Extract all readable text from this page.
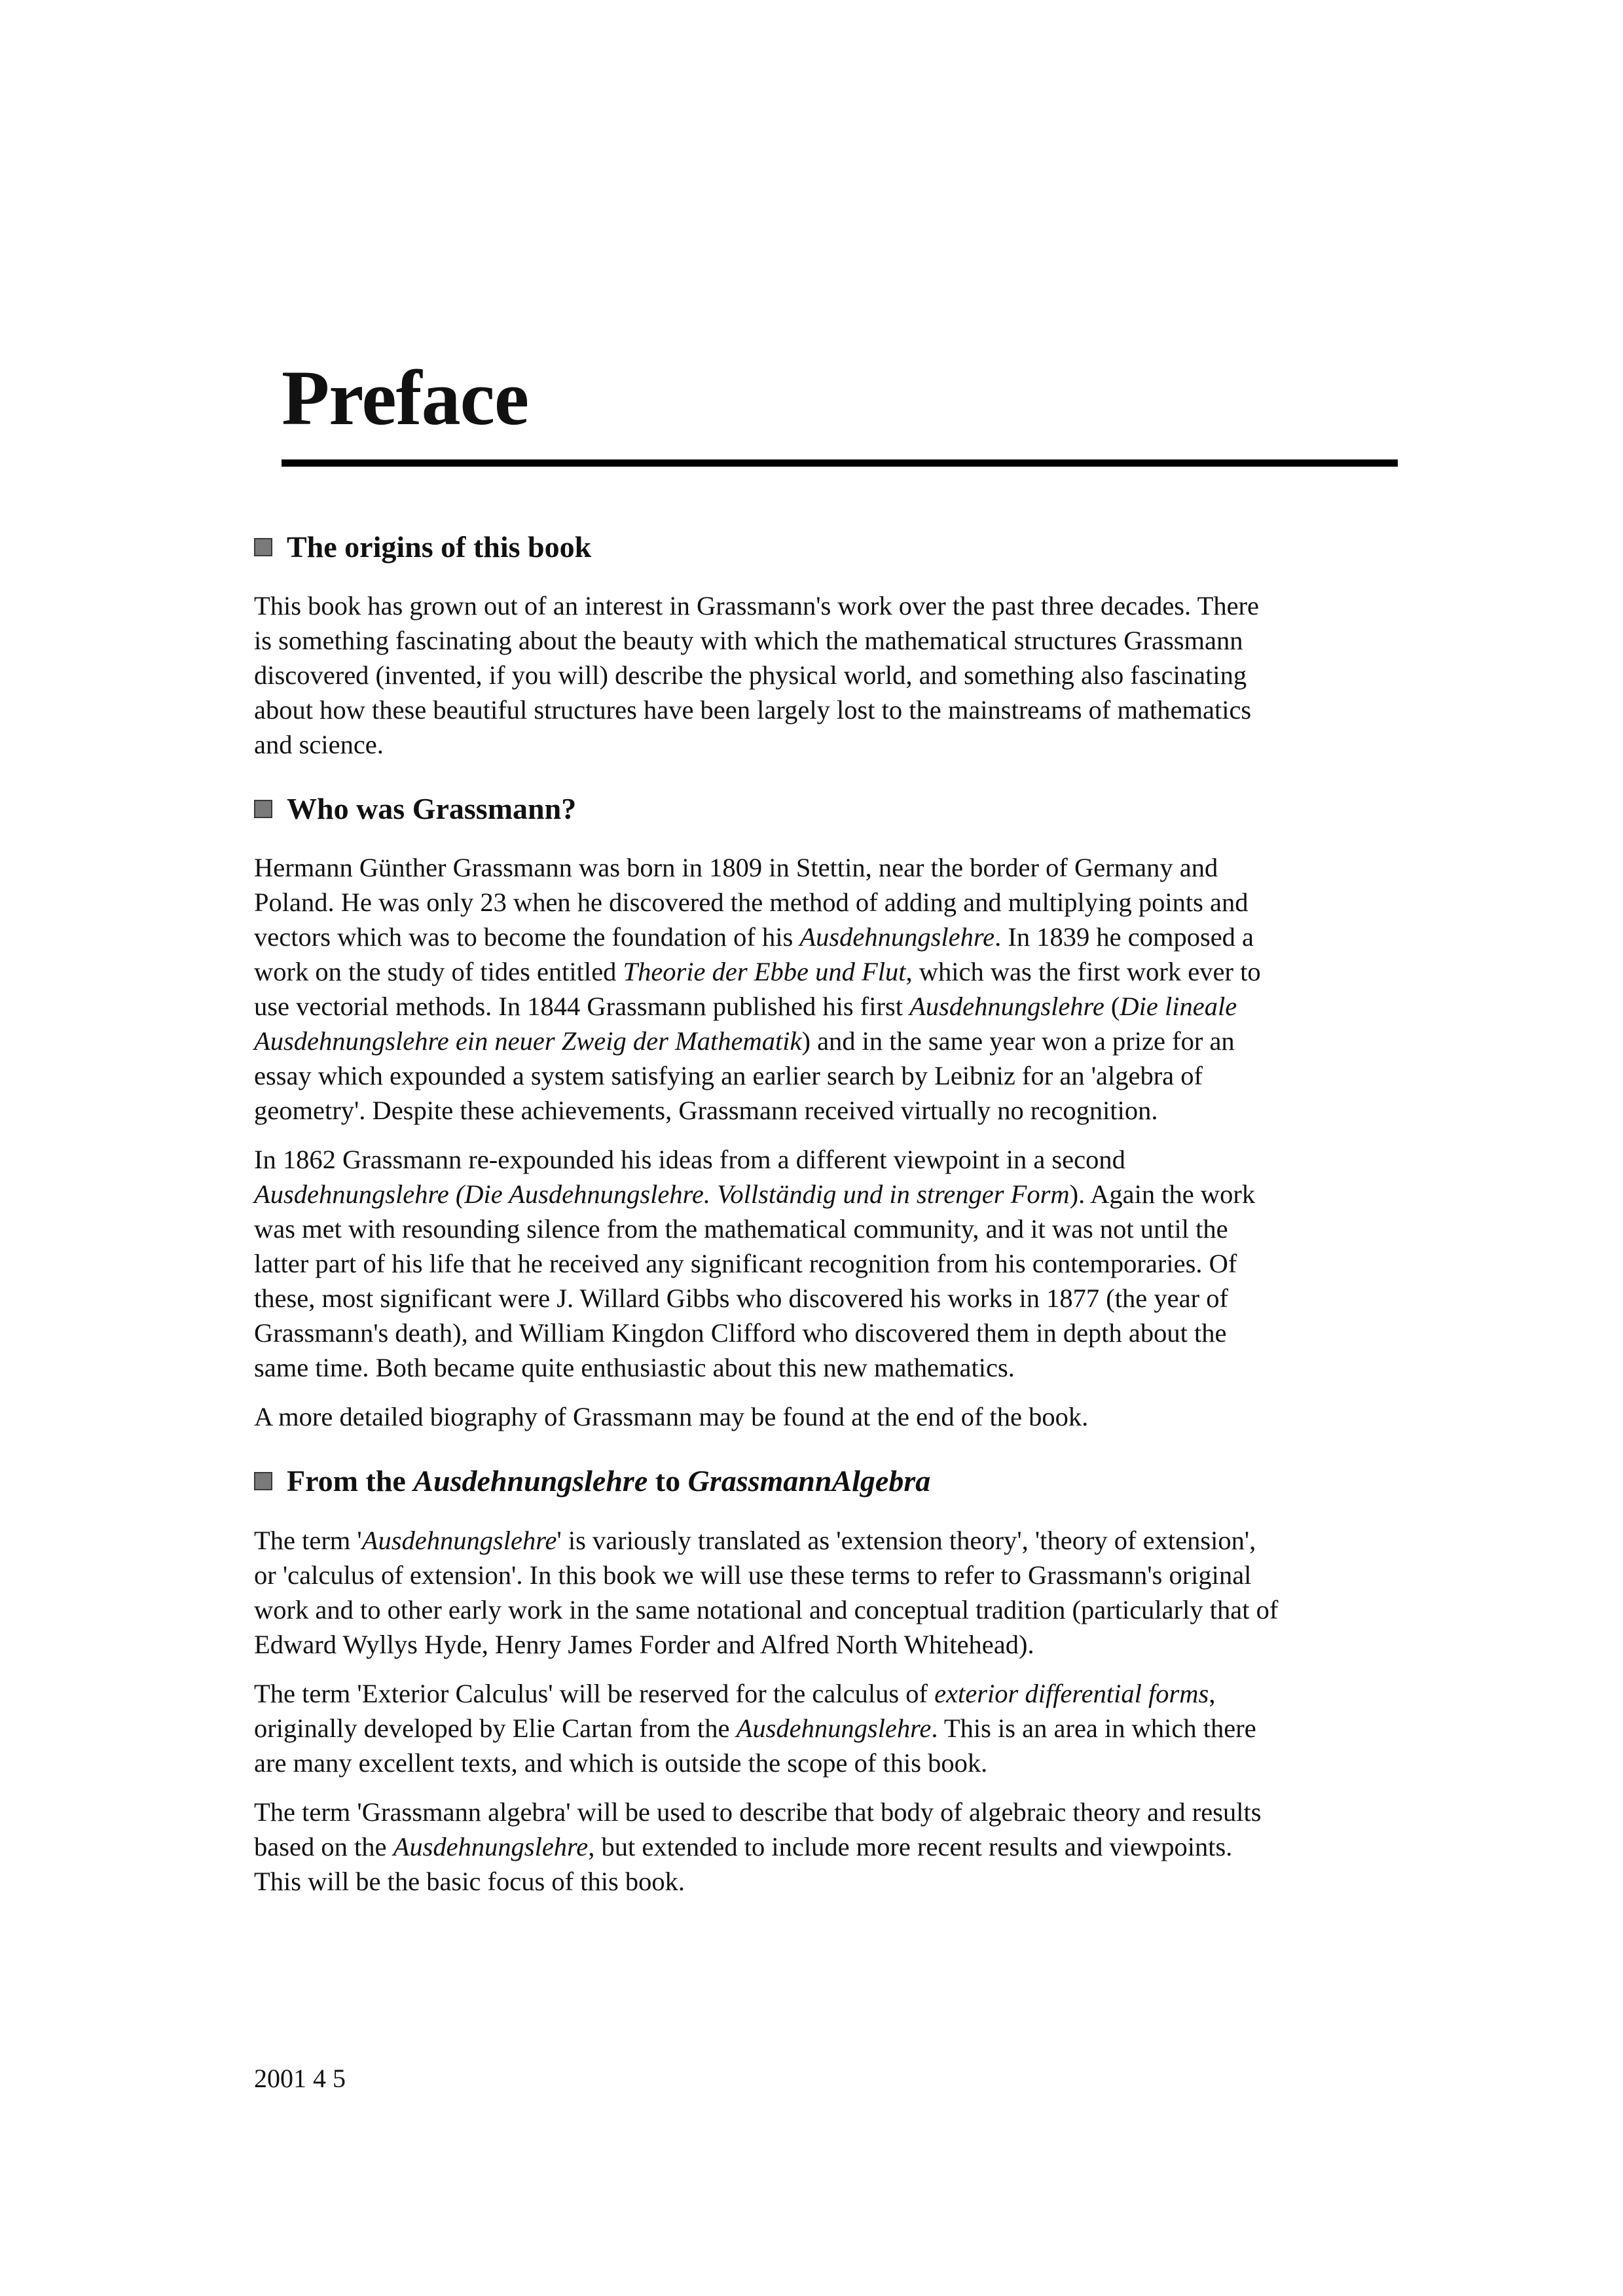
Preface
The origins of this book

This book has grown out of an interest in Grassmann's work over the past three decades. There
is something fascinating about the beauty with which the mathematical structures Grassmann
discovered (invented, if you will) describe the physical world, and something also fascinating
about how these beautiful structures have been largely lost to the mainstreams of mathematics
and science.

Who was Grassmann?

Hermann Günther Grassmann was born in 1809 in Stettin, near the border of Germany and
Poland. He was only 23 when he discovered the method of adding and multiplying points and
vectors which was to become the foundation of his Ausdehnungslehre. In 1839 he composed a
work on the study of tides entitled Theorie der Ebbe und Flut, which was the first work ever to
use vectorial methods. In 1844 Grassmann published his first Ausdehnungslehre (Die lineale
Ausdehnungslehre ein neuer Zweig der Mathematik) and in the same year won a prize for an
essay which expounded a system satisfying an earlier search by Leibniz for an 'algebra of
geometry'. Despite these achievements, Grassmann received virtually no recognition.

In 1862 Grassmann re-expounded his ideas from a different viewpoint in a second
Ausdehnungslehre (Die Ausdehnungslehre. Vollständig und in strenger Form). Again the work
was met with resounding silence from the mathematical community, and it was not until the
latter part of his life that he received any significant recognition from his contemporaries. Of
these, most significant were J. Willard Gibbs who discovered his works in 1877 (the year of
Grassmann's death), and William Kingdon Clifford who discovered them in depth about the
same time. Both became quite enthusiastic about this new mathematics.

A more detailed biography of Grassmann may be found at the end of the book.

From the Ausdehnungslehre to GrassmannAlgebra

The term 'Ausdehnungslehre' is variously translated as 'extension theory', 'theory of extension',
or 'calculus of extension'. In this book we will use these terms to refer to Grassmann's original
work and to other early work in the same notational and conceptual tradition (particularly that of
Edward Wyllys Hyde, Henry James Forder and Alfred North Whitehead).

The term 'Exterior Calculus' will be reserved for the calculus of exterior differential forms,
originally developed by Elie Cartan from the Ausdehnungslehre. This is an area in which there
are many excellent texts, and which is outside the scope of this book.

The term 'Grassmann algebra' will be used to describe that body of algebraic theory and results
based on the Ausdehnungslehre, but extended to include more recent results and viewpoints.
This will be the basic focus of this book.

2001 4 5
